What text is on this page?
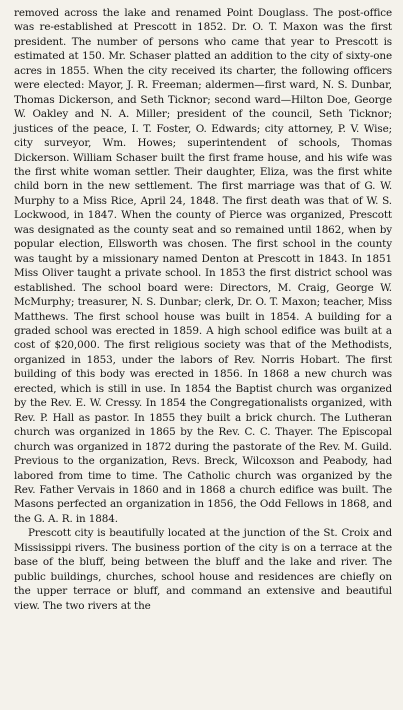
removed across the lake and renamed Point Douglass. The post-office was re-established at Prescott in 1852. Dr. O. T. Maxon was the first president. The number of persons who came that year to Prescott is estimated at 150. Mr. Schaser platted an addition to the city of sixty-one acres in 1855. When the city received its charter, the following officers were elected: Mayor, J. R. Freeman; aldermen—first ward, N. S. Dunbar, Thomas Dickerson, and Seth Ticknor; second ward—Hilton Doe, George W. Oakley and N. A. Miller; president of the council, Seth Ticknor; justices of the peace, I. T. Foster, O. Edwards; city attorney, P. V. Wise; city surveyor, Wm. Howes; superintendent of schools, Thomas Dickerson. William Schaser built the first frame house, and his wife was the first white woman settler. Their daughter, Eliza, was the first white child born in the new settlement. The first marriage was that of G. W. Murphy to a Miss Rice, April 24, 1848. The first death was that of W. S. Lockwood, in 1847. When the county of Pierce was organized, Prescott was designated as the county seat and so remained until 1862, when by popular election, Ellsworth was chosen. The first school in the county was taught by a missionary named Denton at Prescott in 1843. In 1851 Miss Oliver taught a private school. In 1853 the first district school was established. The school board were: Directors, M. Craig, George W. McMurphy; treasurer, N. S. Dunbar; clerk, Dr. O. T. Maxon; teacher, Miss Matthews. The first school house was built in 1854. A building for a graded school was erected in 1859. A high school edifice was built at a cost of $20,000. The first religious society was that of the Methodists, organized in 1853, under the labors of Rev. Norris Hobart. The first building of this body was erected in 1856. In 1868 a new church was erected, which is still in use. In 1854 the Baptist church was organized by the Rev. E. W. Cressy. In 1854 the Congregationalists organized, with Rev. P. Hall as pastor. In 1855 they built a brick church. The Lutheran church was organized in 1865 by the Rev. C. C. Thayer. The Episcopal church was organized in 1872 during the pastorate of the Rev. M. Guild. Previous to the organization, Revs. Breck, Wilcoxson and Peabody, had labored from time to time. The Catholic church was organized by the Rev. Father Vervais in 1860 and in 1868 a church edifice was built. The Masons perfected an organization in 1856, the Odd Fellows in 1868, and the G. A. R. in 1884.

Prescott city is beautifully located at the junction of the St. Croix and Mississippi rivers. The business portion of the city is on a terrace at the base of the bluff, being between the bluff and the lake and river. The public buildings, churches, school house and residences are chiefly on the upper terrace or bluff, and command an extensive and beautiful view. The two rivers at the
